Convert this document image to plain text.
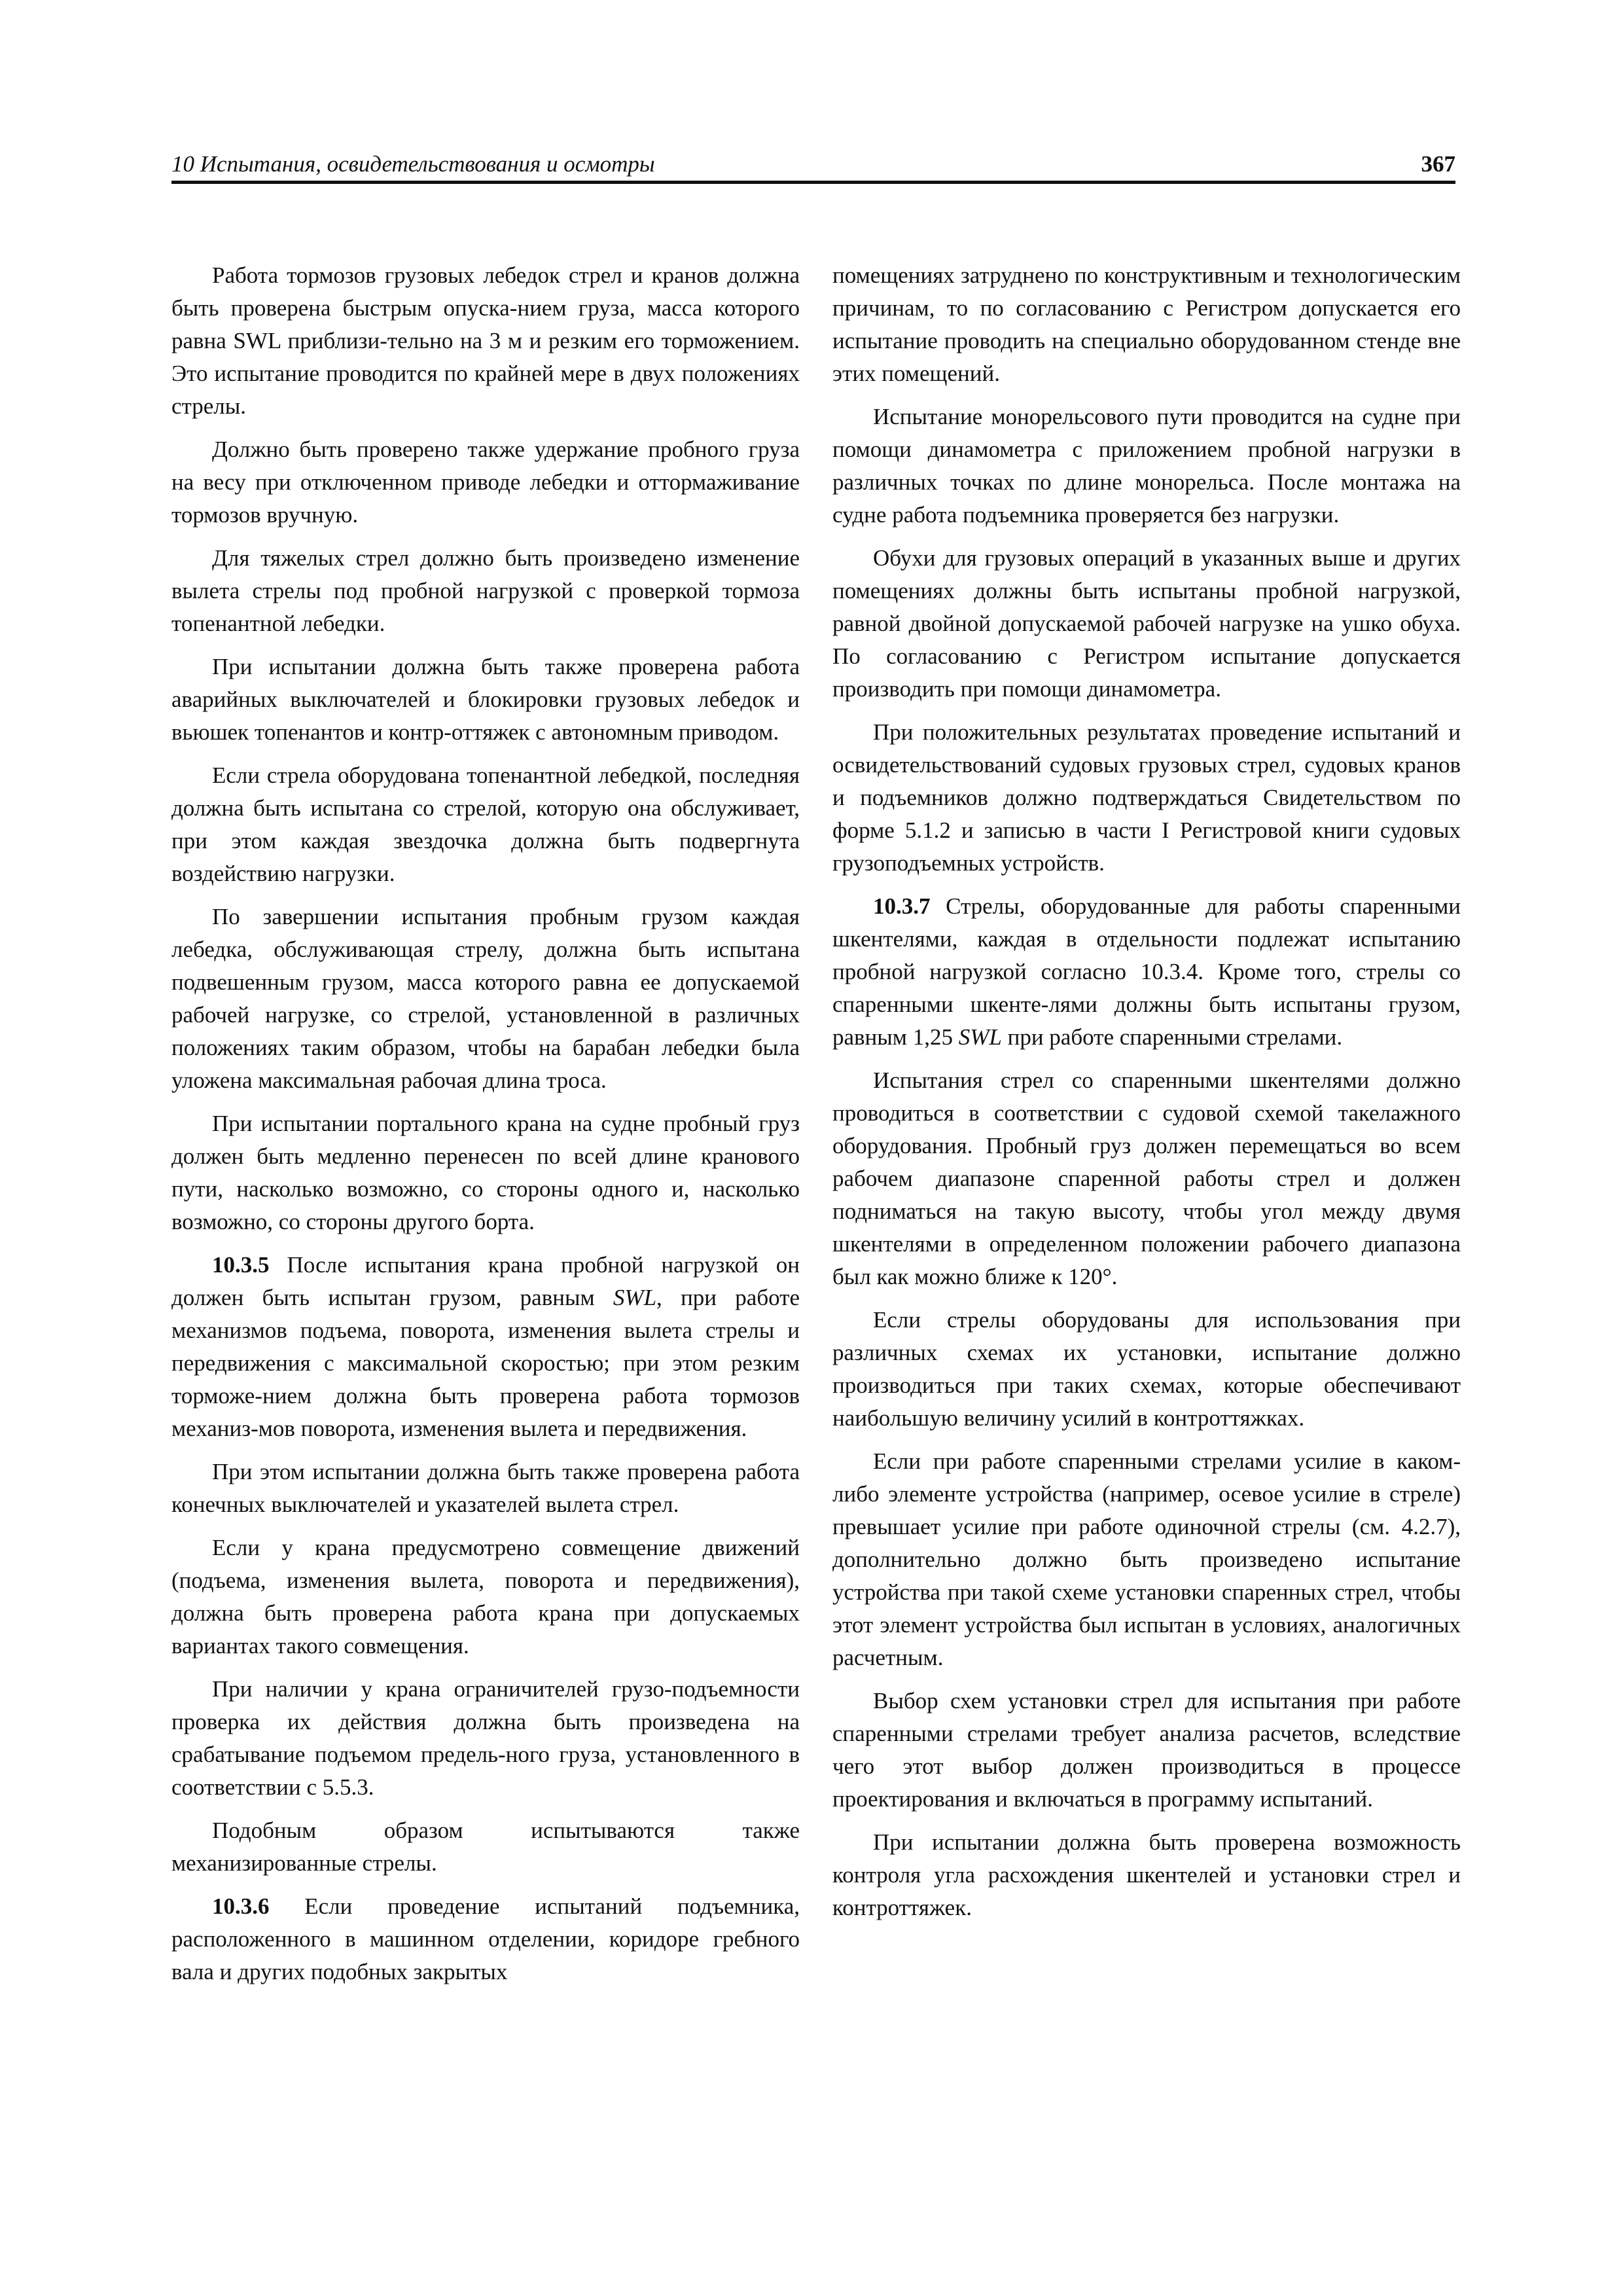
10 Испытания, освидетельствования и осмотры	367

Работа тормозов грузовых лебедок стрел и кранов должна быть проверена быстрым опуска-нием груза, масса которого равна SWL приблизи-тельно на 3 м и резким его торможением. Это испытание проводится по крайней мере в двух положениях стрелы.

Должно быть проверено также удержание пробного груза на весу при отключенном приводе лебедки и оттормаживание тормозов вручную.

Для тяжелых стрел должно быть произведено изменение вылета стрелы под пробной нагрузкой с проверкой тормоза топенантной лебедки.

При испытании должна быть также проверена работа аварийных выключателей и блокировки грузовых лебедок и вьюшек топенантов и контр-оттяжек с автономным приводом.

Если стрела оборудована топенантной лебедкой, последняя должна быть испытана со стрелой, которую она обслуживает, при этом каждая звездочка должна быть подвергнута воздействию нагрузки.

По завершении испытания пробным грузом каждая лебедка, обслуживающая стрелу, должна быть испытана подвешенным грузом, масса которого равна ее допускаемой рабочей нагрузке, со стрелой, установленной в различных положениях таким образом, чтобы на барабан лебедки была уложена максимальная рабочая длина троса.

При испытании портального крана на судне пробный груз должен быть медленно перенесен по всей длине кранового пути, насколько возможно, со стороны одного и, насколько возможно, со стороны другого борта.

10.3.5 После испытания крана пробной нагрузкой он должен быть испытан грузом, равным SWL, при работе механизмов подъема, поворота, изменения вылета стрелы и передвижения с максимальной скоростью; при этом резким торможе-нием должна быть проверена работа тормозов механиз-мов поворота, изменения вылета и передвижения.

При этом испытании должна быть также проверена работа конечных выключателей и указателей вылета стрел.

Если у крана предусмотрено совмещение движений (подъема, изменения вылета, поворота и передвижения), должна быть проверена работа крана при допускаемых вариантах такого совмещения.

При наличии у крана ограничителей грузо-подъемности проверка их действия должна быть произведена на срабатывание подъемом предель-ного груза, установленного в соответствии с 5.5.3.

Подобным образом испытываются также механизированные стрелы.

10.3.6 Если проведение испытаний подъемника, расположенного в машинном отделении, коридоре гребного вала и других подобных закрытых

помещениях затруднено по конструктивным и технологическим причинам, то по согласованию с Регистром допускается его испытание проводить на специально оборудованном стенде вне этих помещений.

Испытание монорельсового пути проводится на судне при помощи динамометра с приложением пробной нагрузки в различных точках по длине монорельса. После монтажа на судне работа подъемника проверяется без нагрузки.

Обухи для грузовых операций в указанных выше и других помещениях должны быть испытаны пробной нагрузкой, равной двойной допускаемой рабочей нагрузке на ушко обуха. По согласованию с Регистром испытание допускается производить при помощи динамометра.

При положительных результатах проведение испытаний и освидетельствований судовых грузовых стрел, судовых кранов и подъемников должно подтверждаться Свидетельством по форме 5.1.2 и записью в части I Регистровой книги судовых грузоподъемных устройств.

10.3.7 Стрелы, оборудованные для работы спаренными шкентелями, каждая в отдельности подлежат испытанию пробной нагрузкой согласно 10.3.4. Кроме того, стрелы со спаренными шкенте-лями должны быть испытаны грузом, равным 1,25 SWL при работе спаренными стрелами.

Испытания стрел со спаренными шкентелями должно проводиться в соответствии с судовой схемой такелажного оборудования. Пробный груз должен перемещаться во всем рабочем диапазоне спаренной работы стрел и должен подниматься на такую высоту, чтобы угол между двумя шкентелями в определенном положении рабочего диапазона был как можно ближе к 120°.

Если стрелы оборудованы для использования при различных схемах их установки, испытание должно производиться при таких схемах, которые обеспечивают наибольшую величину усилий в контроттяжках.

Если при работе спаренными стрелами усилие в каком-либо элементе устройства (например, осевое усилие в стреле) превышает усилие при работе одиночной стрелы (см. 4.2.7), дополнительно должно быть произведено испытание устройства при такой схеме установки спаренных стрел, чтобы этот элемент устройства был испытан в условиях, аналогичных расчетным.

Выбор схем установки стрел для испытания при работе спаренными стрелами требует анализа расчетов, вследствие чего этот выбор должен производиться в процессе проектирования и включаться в программу испытаний.

При испытании должна быть проверена возможность контроля угла расхождения шкентелей и установки стрел и контроттяжек.
